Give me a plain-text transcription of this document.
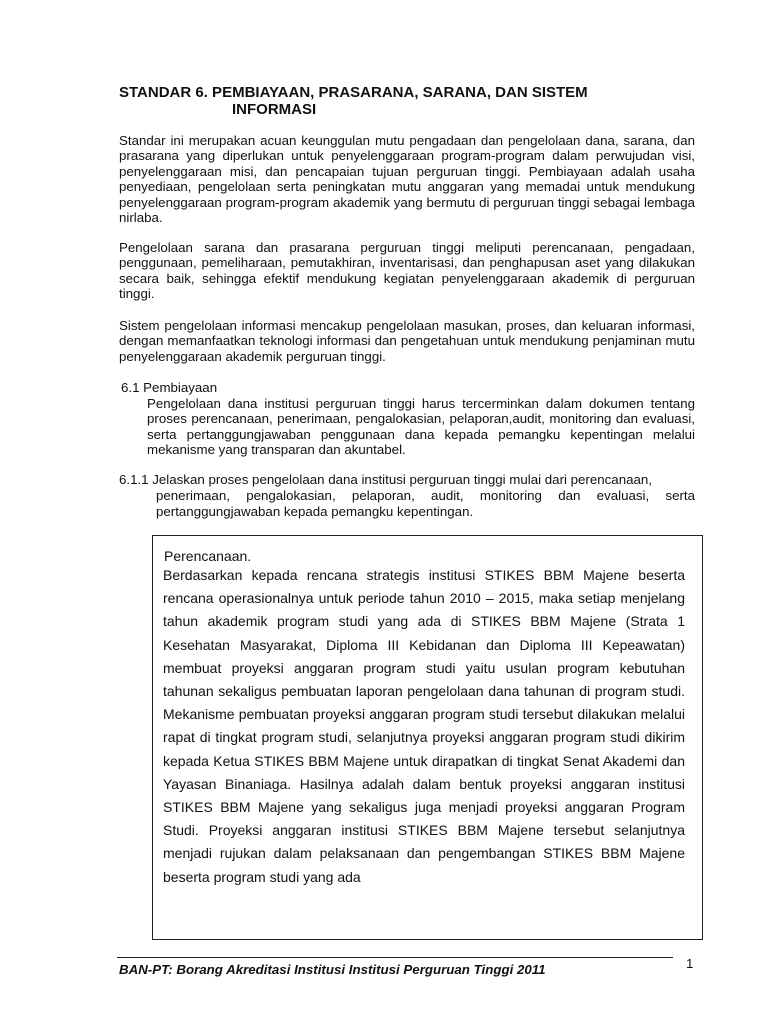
STANDAR 6. PEMBIAYAAN, PRASARANA, SARANA, DAN SISTEM
INFORMASI

Standar ini merupakan acuan keunggulan mutu pengadaan dan pengelolaan dana, sarana, dan prasarana yang diperlukan untuk penyelenggaraan program-program dalam perwujudan visi, penyelenggaraan misi, dan pencapaian tujuan perguruan tinggi. Pembiayaan adalah usaha penyediaan, pengelolaan serta peningkatan mutu anggaran yang memadai untuk mendukung penyelenggaraan program-program akademik yang bermutu di perguruan tinggi sebagai lembaga nirlaba.

Pengelolaan sarana dan prasarana perguruan tinggi meliputi perencanaan, pengadaan, penggunaan, pemeliharaan, pemutakhiran, inventarisasi, dan penghapusan aset yang dilakukan secara baik, sehingga efektif mendukung kegiatan penyelenggaraan akademik di perguruan tinggi.

Sistem pengelolaan informasi mencakup pengelolaan masukan, proses, dan keluaran informasi, dengan memanfaatkan teknologi informasi dan pengetahuan untuk mendukung penjaminan mutu penyelenggaraan akademik perguruan tinggi.

6.1 Pembiayaan

Pengelolaan dana institusi perguruan tinggi harus tercerminkan dalam dokumen tentang proses perencanaan, penerimaan, pengalokasian, pelaporan,audit, monitoring dan evaluasi, serta pertanggungjawaban penggunaan dana kepada pemangku kepentingan melalui mekanisme yang transparan dan akuntabel.

6.1.1 Jelaskan proses pengelolaan dana institusi perguruan tinggi mulai dari perencanaan,

penerimaan, pengalokasian, pelaporan, audit, monitoring dan evaluasi, serta pertanggungjawaban kepada pemangku kepentingan.

Perencanaan.

Berdasarkan kepada rencana strategis institusi STIKES BBM Majene beserta rencana operasionalnya untuk periode tahun 2010 – 2015, maka setiap menjelang tahun akademik program studi yang ada di STIKES BBM Majene (Strata 1 Kesehatan Masyarakat, Diploma III Kebidanan dan Diploma III Kepeawatan) membuat proyeksi anggaran program studi yaitu usulan program kebutuhan tahunan sekaligus pembuatan laporan pengelolaan dana tahunan di program studi. Mekanisme pembuatan proyeksi anggaran program studi tersebut dilakukan melalui rapat di tingkat program studi, selanjutnya proyeksi anggaran program studi dikirim kepada Ketua STIKES BBM Majene untuk dirapatkan di tingkat Senat Akademi dan Yayasan Binaniaga. Hasilnya adalah dalam bentuk proyeksi anggaran institusi STIKES BBM Majene yang sekaligus juga menjadi proyeksi anggaran Program Studi. Proyeksi anggaran institusi STIKES BBM Majene tersebut selanjutnya menjadi rujukan dalam pelaksanaan dan pengembangan STIKES BBM Majene beserta program studi yang ada

BAN-PT: Borang Akreditasi Institusi Institusi Perguruan Tinggi 2011	1
